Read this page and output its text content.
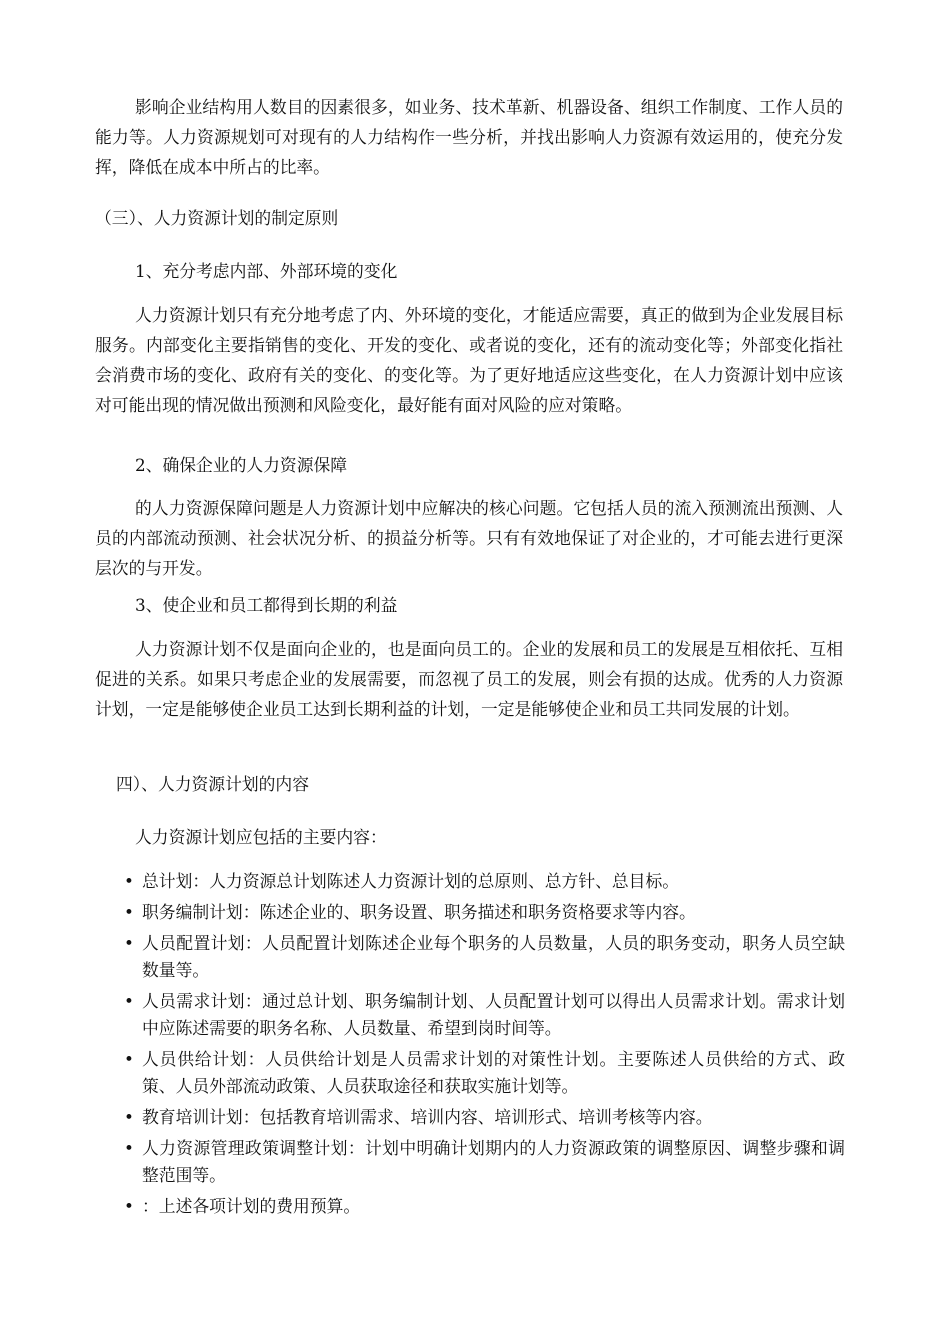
影响企业结构用人数目的因素很多，如业务、技术革新、机器设备、组织工作制度、工作人员的能力等。人力资源规划可对现有的人力结构作一些分析，并找出影响人力资源有效运用的，使充分发挥，降低在成本中所占的比率。

（三）、人力资源计划的制定原则

1、充分考虑内部、外部环境的变化

人力资源计划只有充分地考虑了内、外环境的变化，才能适应需要，真正的做到为企业发展目标服务。内部变化主要指销售的变化、开发的变化、或者说的变化，还有的流动变化等；外部变化指社会消费市场的变化、政府有关的变化、的变化等。为了更好地适应这些变化，在人力资源计划中应该对可能出现的情况做出预测和风险变化，最好能有面对风险的应对策略。

2、确保企业的人力资源保障

的人力资源保障问题是人力资源计划中应解决的核心问题。它包括人员的流入预测流出预测、人员的内部流动预测、社会状况分析、的损益分析等。只有有效地保证了对企业的，才可能去进行更深层次的与开发。

3、使企业和员工都得到长期的利益

人力资源计划不仅是面向企业的，也是面向员工的。企业的发展和员工的发展是互相依托、互相促进的关系。如果只考虑企业的发展需要，而忽视了员工的发展，则会有损的达成。优秀的人力资源计划，一定是能够使企业员工达到长期利益的计划，一定是能够使企业和员工共同发展的计划。

四）、人力资源计划的内容

人力资源计划应包括的主要内容：

• 总计划：人力资源总计划陈述人力资源计划的总原则、总方针、总目标。
• 职务编制计划：陈述企业的、职务设置、职务描述和职务资格要求等内容。
• 人员配置计划：人员配置计划陈述企业每个职务的人员数量，人员的职务变动，职务人员空缺数量等。
• 人员需求计划：通过总计划、职务编制计划、人员配置计划可以得出人员需求计划。需求计划中应陈述需要的职务名称、人员数量、希望到岗时间等。
• 人员供给计划：人员供给计划是人员需求计划的对策性计划。主要陈述人员供给的方式、政策、人员外部流动政策、人员获取途径和获取实施计划等。
• 教育培训计划：包括教育培训需求、培训内容、培训形式、培训考核等内容。
• 人力资源管理政策调整计划：计划中明确计划期内的人力资源政策的调整原因、调整步骤和调整范围等。
• ：上述各项计划的费用预算。
